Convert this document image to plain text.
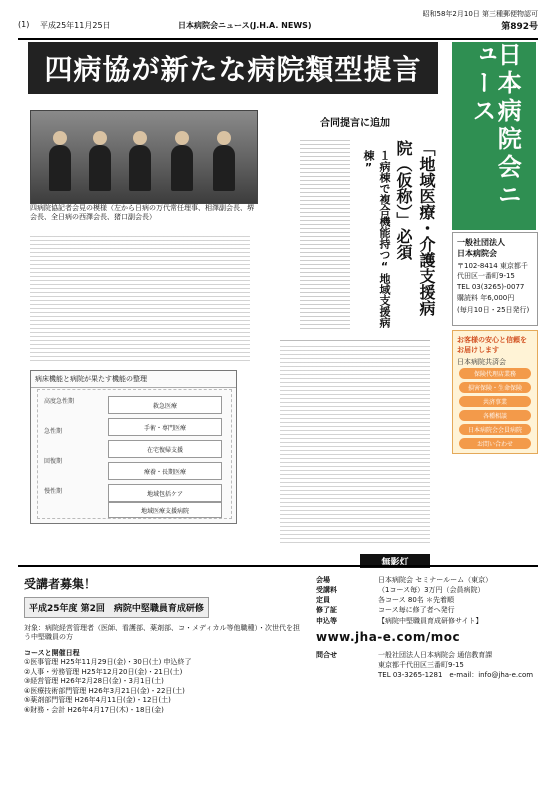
(1) 平成25年11月25日	日本病院会ニュース(J.H.A. NEWS)
昭和58年2月10日 第三種郵便物認可
第892号
四病協が新たな病院類型提言	日本病院会ニュース
一般社団法人
日本病院会
〒102-8414 東京都千代田区一番町9-15
TEL 03(3265)-0077
購読料 年6,000円
(毎月10日・25日発行)
お客様の安心と信頼をお届けします
日本病院共済会
保険代理店業務
損害保険・生命保険
共済事業
各種相談
日本病院会会員病院
お問い合わせ
四病院協記者会見の模様（左から日病の万代常任理事、相澤副会長、堺会長、全日病の西澤会長、猪口副会長）
合同提言に追加
「地域医療・介護支援病院（仮称）」必須
１病棟で複合機能持つ“地域支援病棟”
無影灯
病床機能と病院が果たす機能の整理
高度急性期
急性期
回復期
慢性期
救急医療
手術・専門医療
在宅復帰支援
療養・長期医療
地域包括ケア
地域医療支援病院
受講者募集！
平成25年度 第2回　病院中堅職員育成研修
対象：病院経営管理者（医師、看護部、薬剤部、コ・メディカル等他職種）・次世代を担う中堅職員の方
コースと開催日程
①医事管理 H25年11月29日(金)・30日(土) 申込終了
②人事・労務管理 H25年12月20日(金)・21日(土)
③経営管理 H26年2月28日(金)・3月1日(土)
④医療技術部門管理 H26年3月21日(金)・22日(土)
⑤薬剤部門管理 H26年4月11日(金)・12日(土)
⑥財務・会計 H26年4月17日(木)・18日(金)
会場	日本病院会 セミナールーム（東京）
受講料	（1コース毎）3万円（会員病院）
定員	各コース 80名 ＊先着順
修了証	コース毎に修了者へ発行
申込等	【病院中堅職員育成研修サイト】
www.jha-e.com/moc
問合せ	一般社団法人日本病院会 通信教育課
東京都千代田区三番町9-15
TEL 03-3265-1281　e-mail：info@jha-e.com
